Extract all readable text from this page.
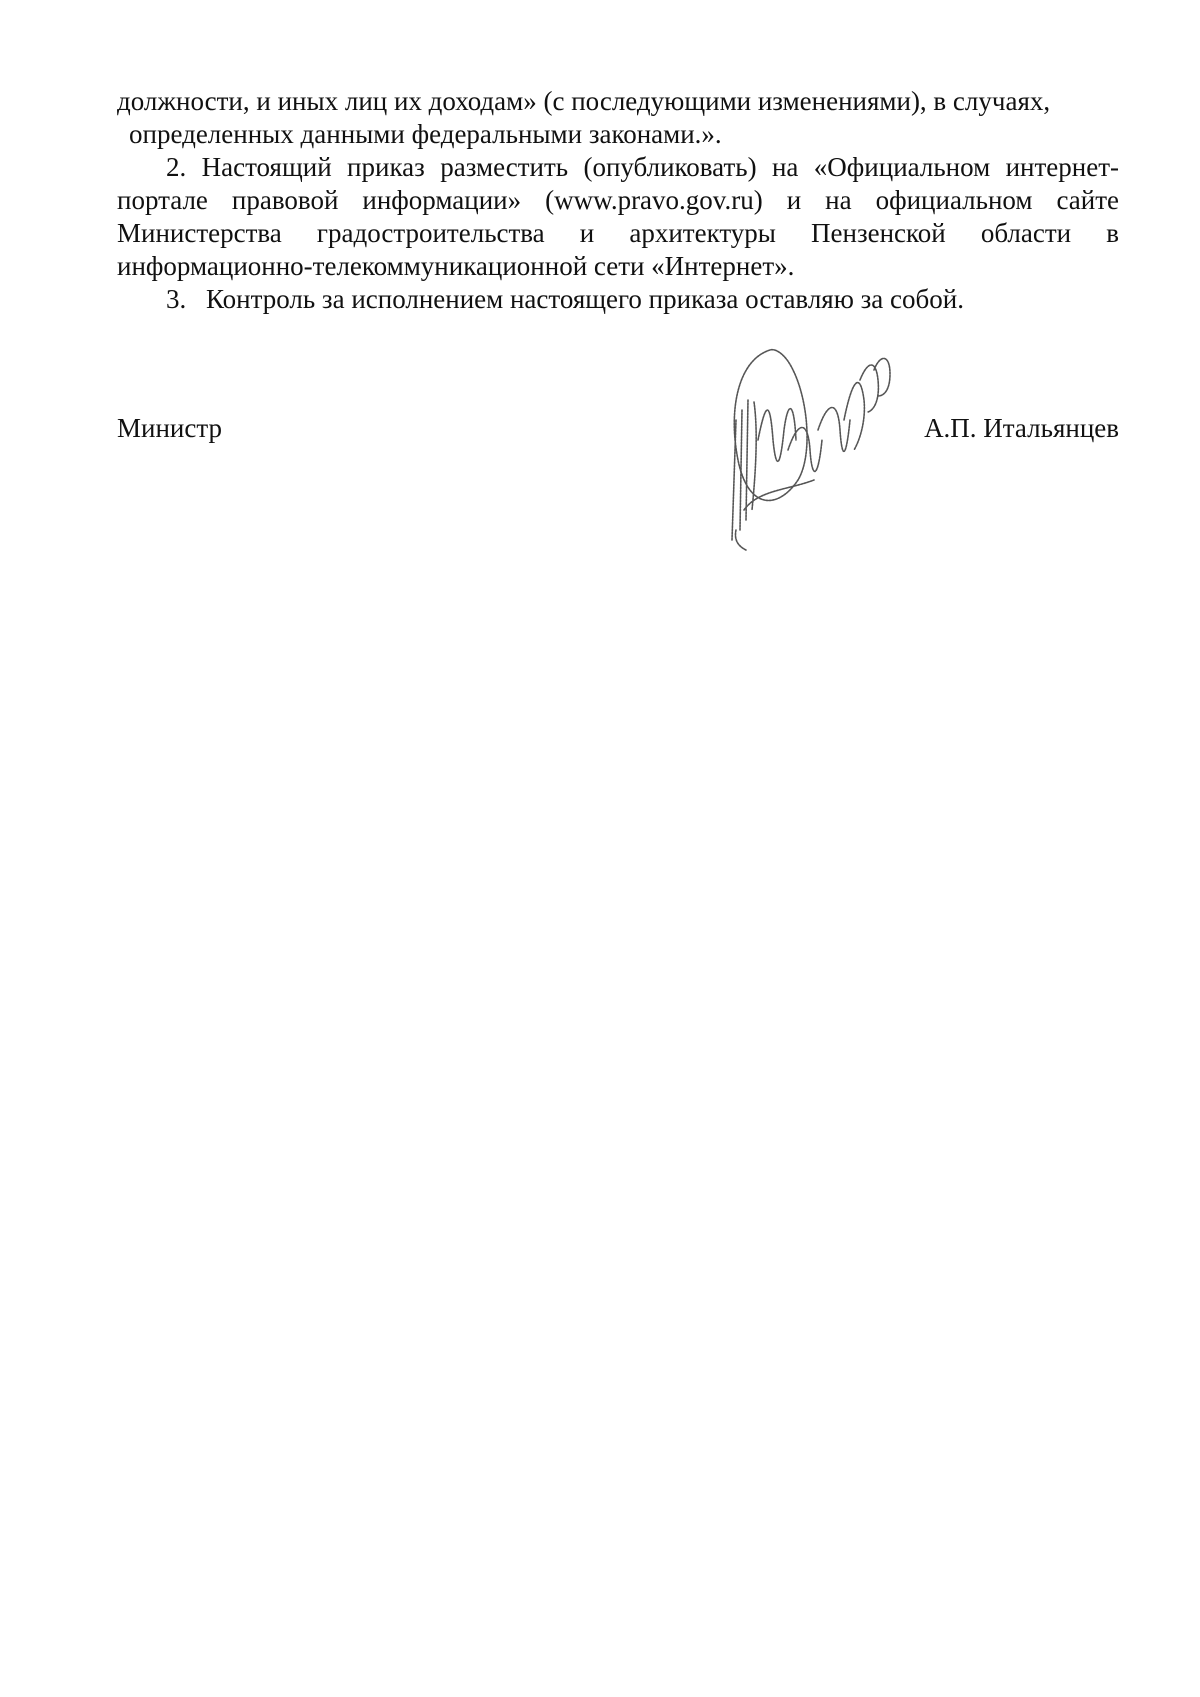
должности, и иных лиц их доходам» (с последующими изменениями), в случаях,
определенных данными федеральными законами.».

2. Настоящий приказ разместить (опубликовать) на «Официальном интернет-портале правовой информации» (www.pravo.gov.ru) и на официальном сайте Министерства градостроительства и архитектуры Пензенской области в информационно-телекоммуникационной сети «Интернет».

3. Контроль за исполнением настоящего приказа оставляю за собой.

Министр	А.П. Итальянцев
